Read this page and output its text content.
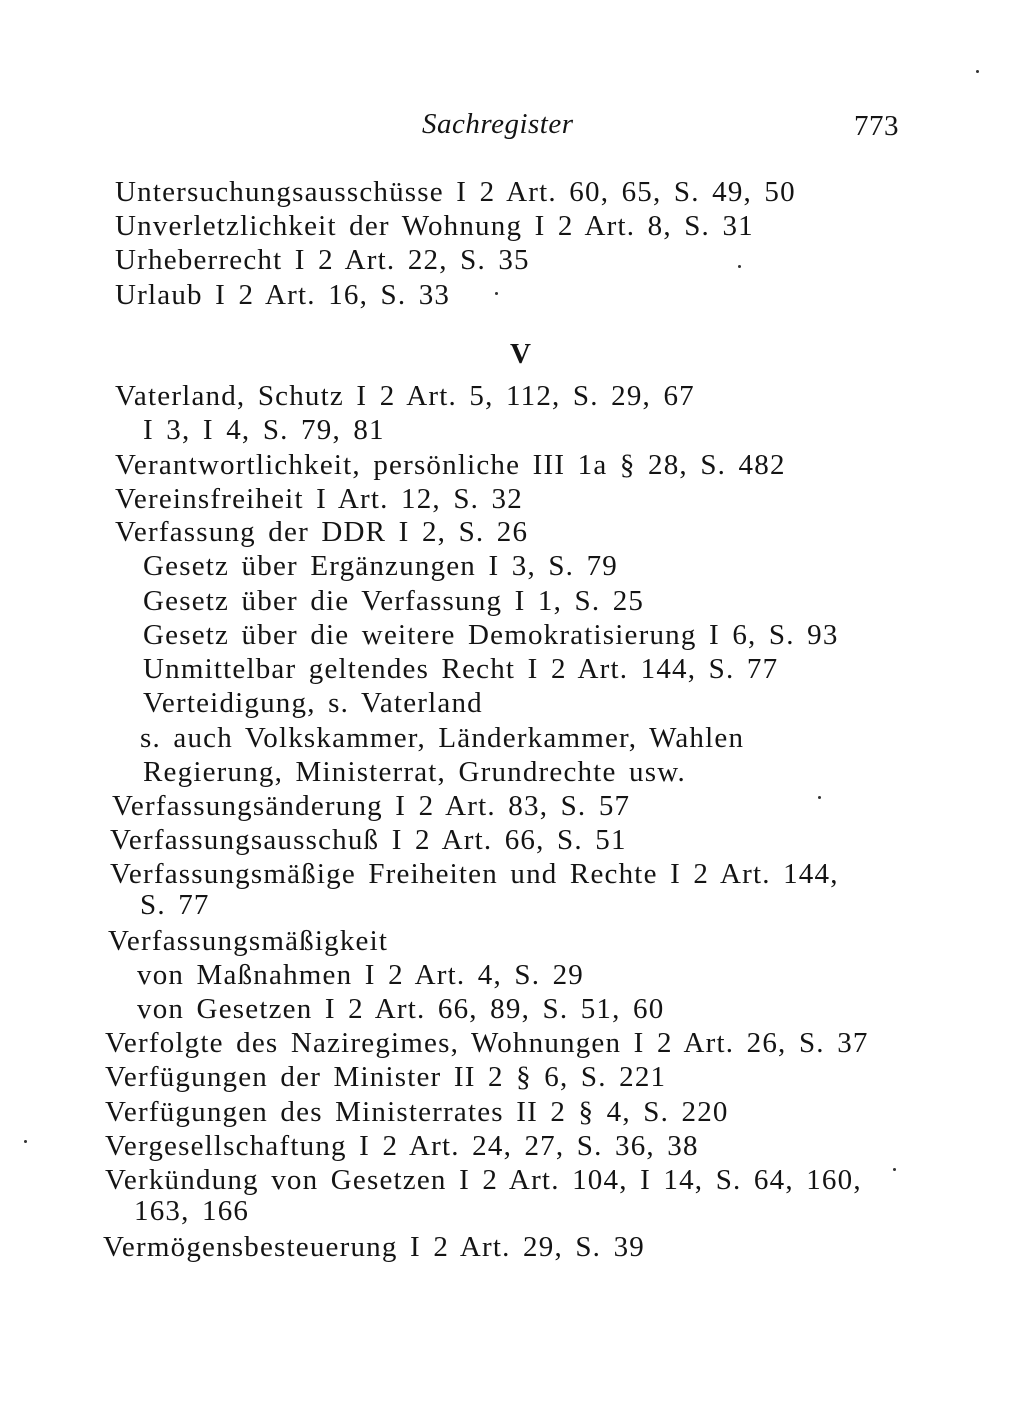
Sachregister	773
Untersuchungsausschüsse I 2 Art. 60, 65, S. 49, 50
Unverletzlichkeit der Wohnung I 2 Art. 8, S. 31
Urheberrecht I 2 Art. 22, S. 35
Urlaub I 2 Art. 16, S. 33
V
Vaterland, Schutz I 2 Art. 5, 112, S. 29, 67
I 3, I 4, S. 79, 81
Verantwortlichkeit, persönliche III 1a § 28, S. 482
Vereinsfreiheit I Art. 12, S. 32
Verfassung der DDR I 2, S. 26
Gesetz über Ergänzungen I 3, S. 79
Gesetz über die Verfassung I 1, S. 25
Gesetz über die weitere Demokratisierung I 6, S. 93
Unmittelbar geltendes Recht I 2 Art. 144, S. 77
Verteidigung, s. Vaterland
s. auch Volkskammer, Länderkammer, Wahlen
Regierung, Ministerrat, Grundrechte usw.
Verfassungsänderung I 2 Art. 83, S. 57
Verfassungsausschuß I 2 Art. 66, S. 51
Verfassungsmäßige Freiheiten und Rechte I 2 Art. 144,
S. 77
Verfassungsmäßigkeit
von Maßnahmen I 2 Art. 4, S. 29
von Gesetzen I 2 Art. 66, 89, S. 51, 60
Verfolgte des Naziregimes, Wohnungen I 2 Art. 26, S. 37
Verfügungen der Minister II 2 § 6, S. 221
Verfügungen des Ministerrates II 2 § 4, S. 220
Vergesellschaftung I 2 Art. 24, 27, S. 36, 38
Verkündung von Gesetzen I 2 Art. 104, I 14, S. 64, 160,
163, 166
Vermögensbesteuerung I 2 Art. 29, S. 39
